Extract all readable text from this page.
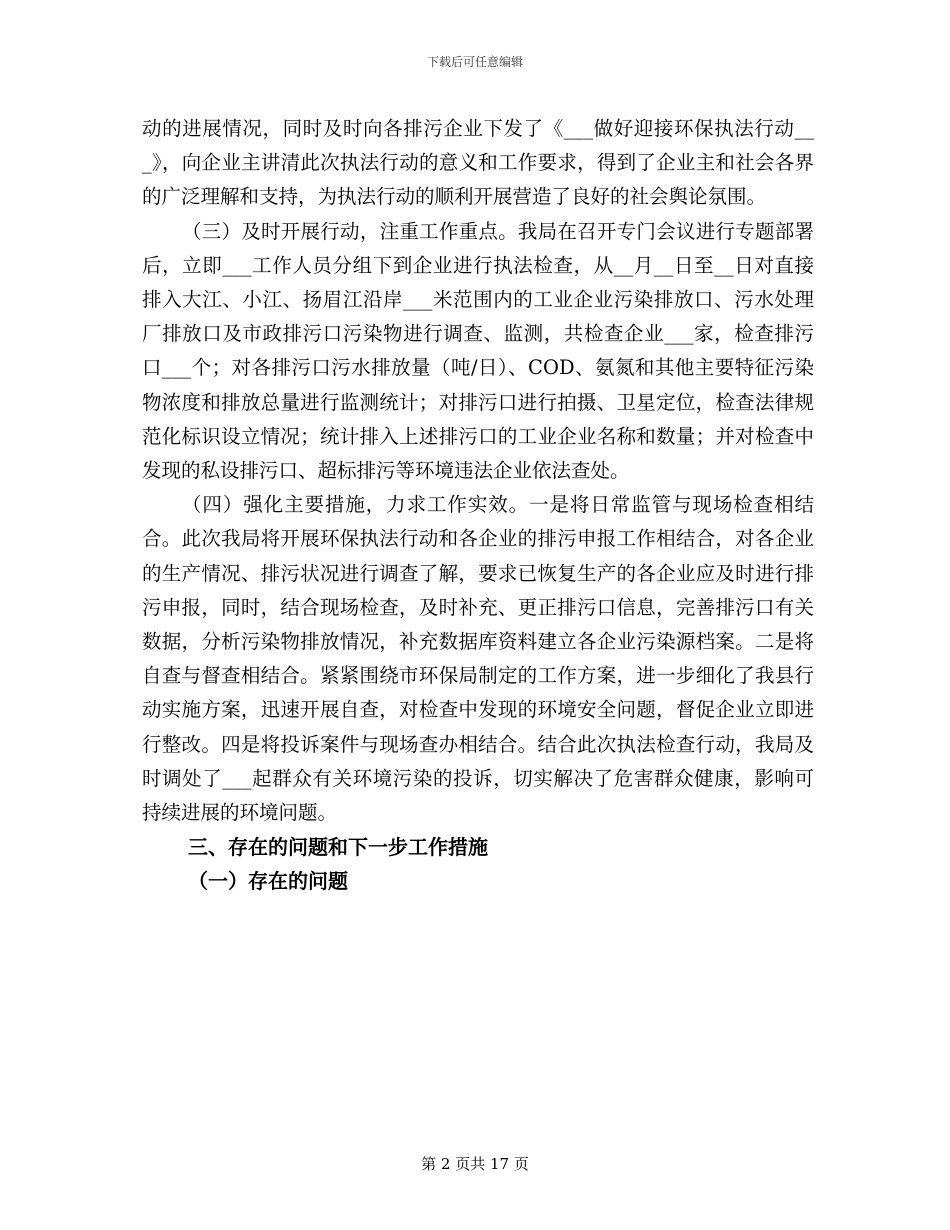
下载后可任意编辑

动的进展情况，同时及时向各排污企业下发了《___做好迎接环保执法行动___》，向企业主讲清此次执法行动的意义和工作要求，得到了企业主和社会各界的广泛理解和支持，为执法行动的顺利开展营造了良好的社会舆论氛围。

（三）及时开展行动，注重工作重点。我局在召开专门会议进行专题部署后，立即___工作人员分组下到企业进行执法检查，从__月__日至__日对直接排入大江、小江、扬眉江沿岸___米范围内的工业企业污染排放口、污水处理厂排放口及市政排污口污染物进行调查、监测，共检查企业___家，检查排污口___个；对各排污口污水排放量（吨/日）、COD、氨氮和其他主要特征污染物浓度和排放总量进行监测统计；对排污口进行拍摄、卫星定位，检查法律规范化标识设立情况；统计排入上述排污口的工业企业名称和数量；并对检查中发现的私设排污口、超标排污等环境违法企业依法查处。

（四）强化主要措施，力求工作实效。一是将日常监管与现场检查相结合。此次我局将开展环保执法行动和各企业的排污申报工作相结合，对各企业的生产情况、排污状况进行调查了解，要求已恢复生产的各企业应及时进行排污申报，同时，结合现场检查，及时补充、更正排污口信息，完善排污口有关数据，分析污染物排放情况，补充数据库资料建立各企业污染源档案。二是将自查与督查相结合。紧紧围绕市环保局制定的工作方案，进一步细化了我县行动实施方案，迅速开展自查，对检查中发现的环境安全问题，督促企业立即进行整改。四是将投诉案件与现场查办相结合。结合此次执法检查行动，我局及时调处了___起群众有关环境污染的投诉，切实解决了危害群众健康，影响可持续进展的环境问题。

三、存在的问题和下一步工作措施

（一）存在的问题

第 2 页共 17 页
